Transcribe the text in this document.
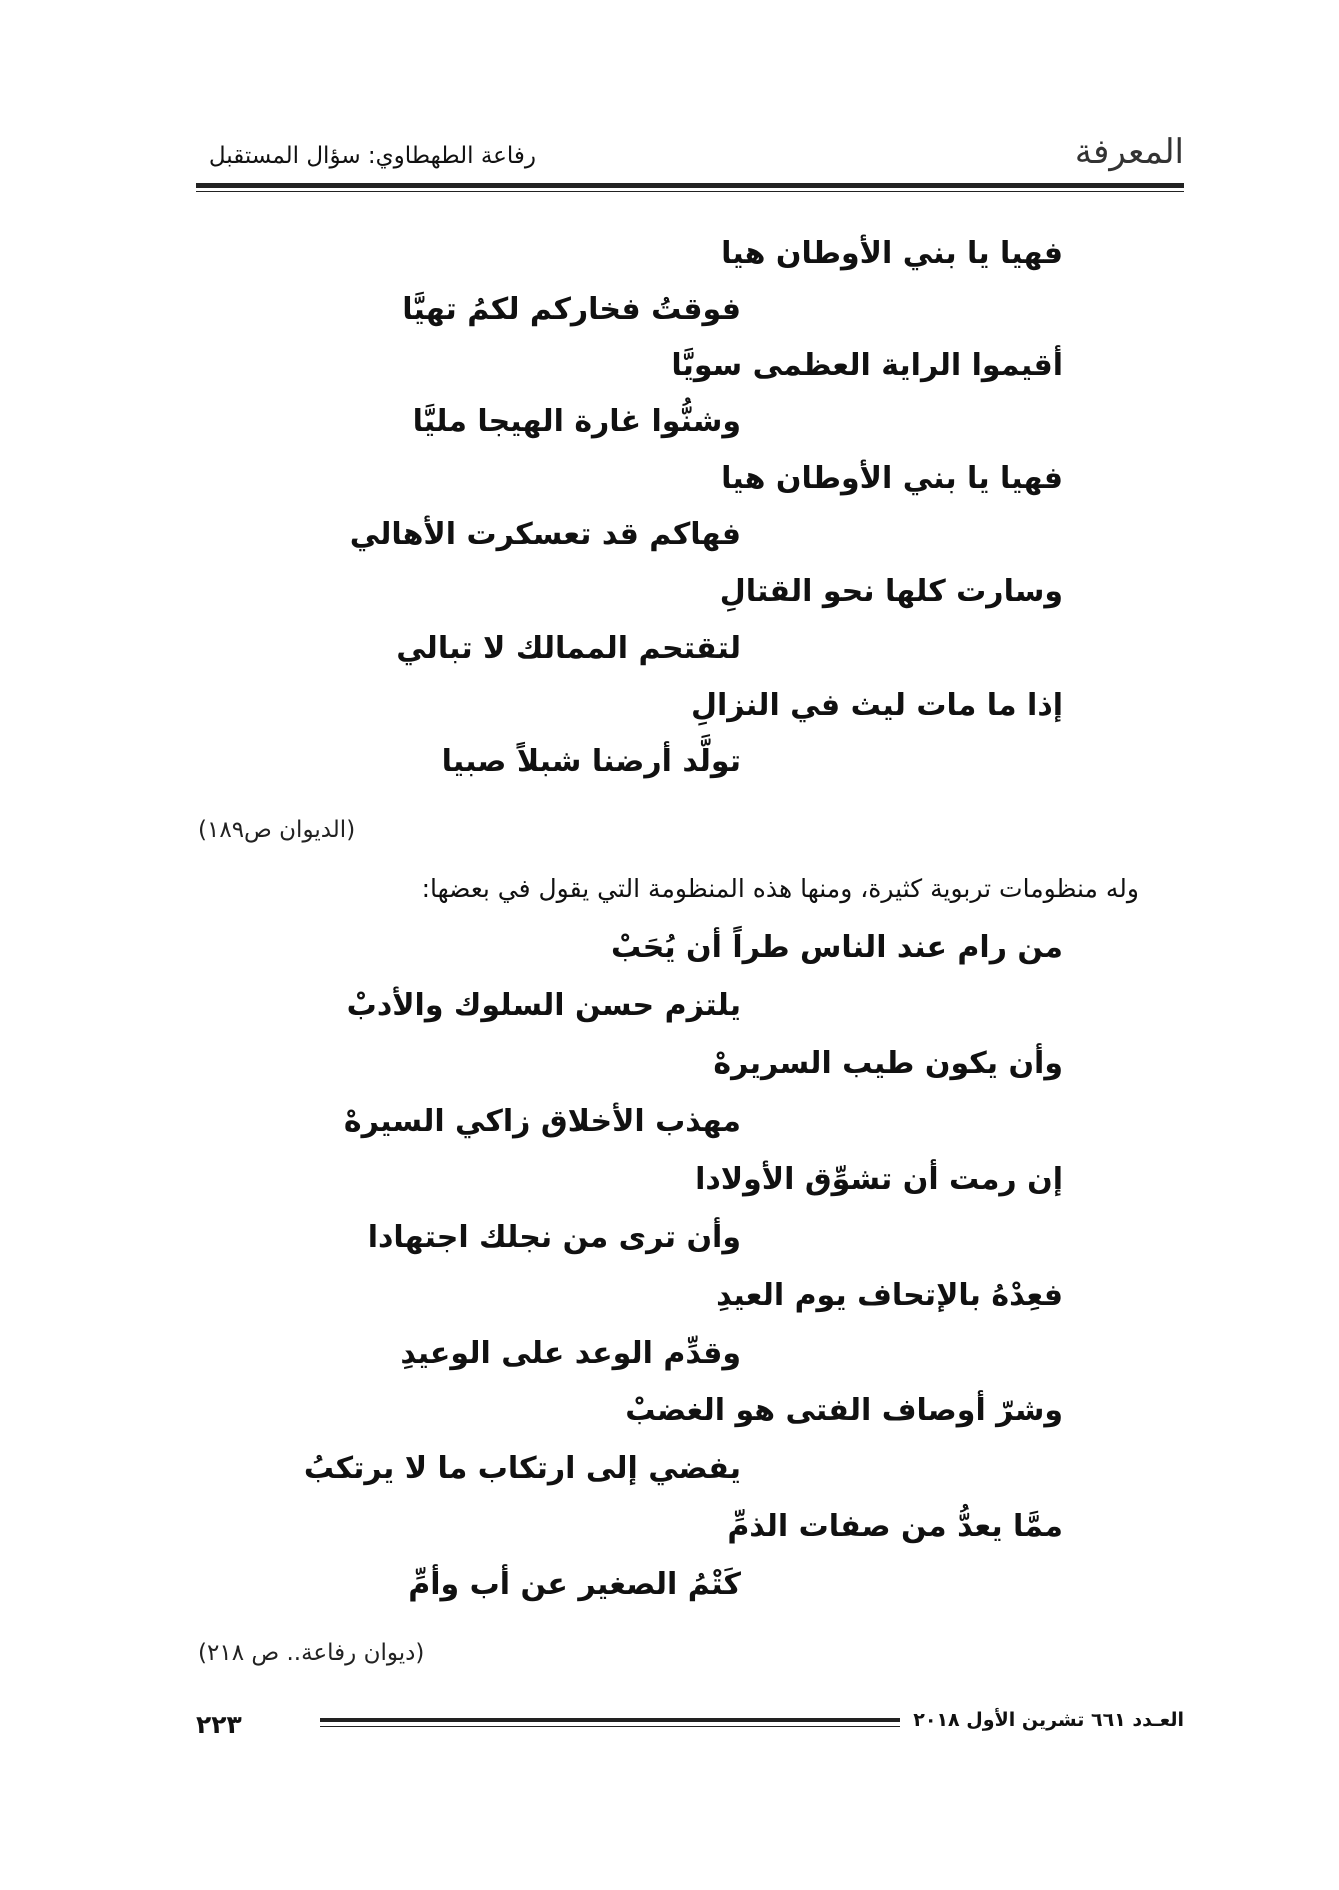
المعرفة
رفاعة الطهطاوي: سؤال المستقبل
فهيا يا بني الأوطان هيا
فوقتُ فخاركم لكمُ تهيَّا
أقيموا الراية العظمى سويَّا
وشنُّوا غارة الهيجا مليَّا
فهيا يا بني الأوطان هيا
فهاكم قد تعسكرت الأهالي
وسارت كلها نحو القتالِ
لتقتحم الممالك لا تبالي
إذا ما مات ليث في النزالِ
تولَّد أرضنا شبلاً صبيا
(الديوان ص١٨٩)
وله منظومات تربوية كثيرة، ومنها هذه المنظومة التي يقول في بعضها:
من رام عند الناس طراً أن يُحَبْ
يلتزم حسن السلوك والأدبْ
وأن يكون طيب السريرهْ
مهذب الأخلاق زاكي السيرهْ
إن رمت أن تشوِّق الأولادا
وأن ترى من نجلك اجتهادا
فعِدْهُ بالإتحاف يوم العيدِ
وقدِّم الوعد على الوعيدِ
وشرّ أوصاف الفتى هو الغضبْ
يفضي إلى ارتكاب ما لا يرتكبُ
ممَّا يعدُّ من صفات الذمِّ
كَتْمُ الصغير عن أب وأمِّ
(ديوان رفاعة.. ص ٢١٨)
٢٢٣	العـدد ٦٦١ تشرين الأول ٢٠١٨
